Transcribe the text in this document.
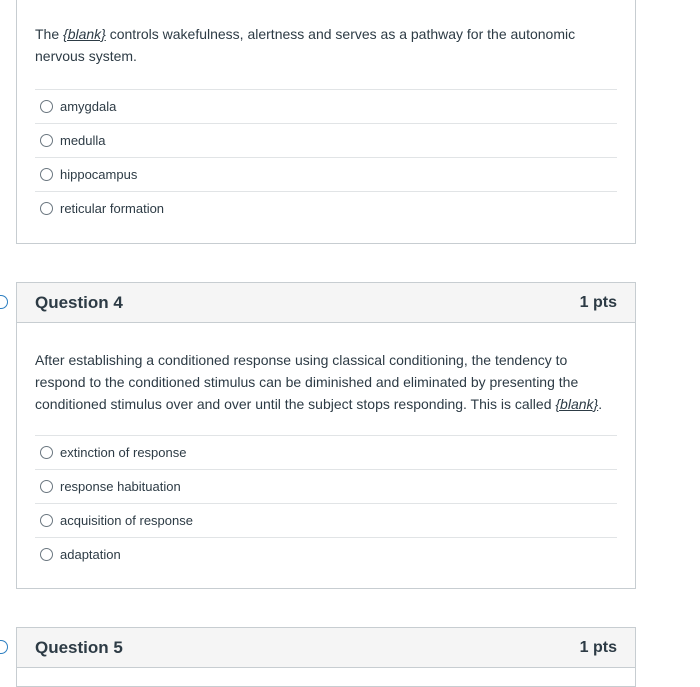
The {blank} controls wakefulness, alertness and serves as a pathway for the autonomic nervous system.
amygdala
medulla
hippocampus
reticular formation
Question 4	1 pts
After establishing a conditioned response using classical conditioning, the tendency to respond to the conditioned stimulus can be diminished and eliminated by presenting the conditioned stimulus over and over until the subject stops responding. This is called {blank}.
extinction of response
response habituation
acquisition of response
adaptation
Question 5	1 pts
